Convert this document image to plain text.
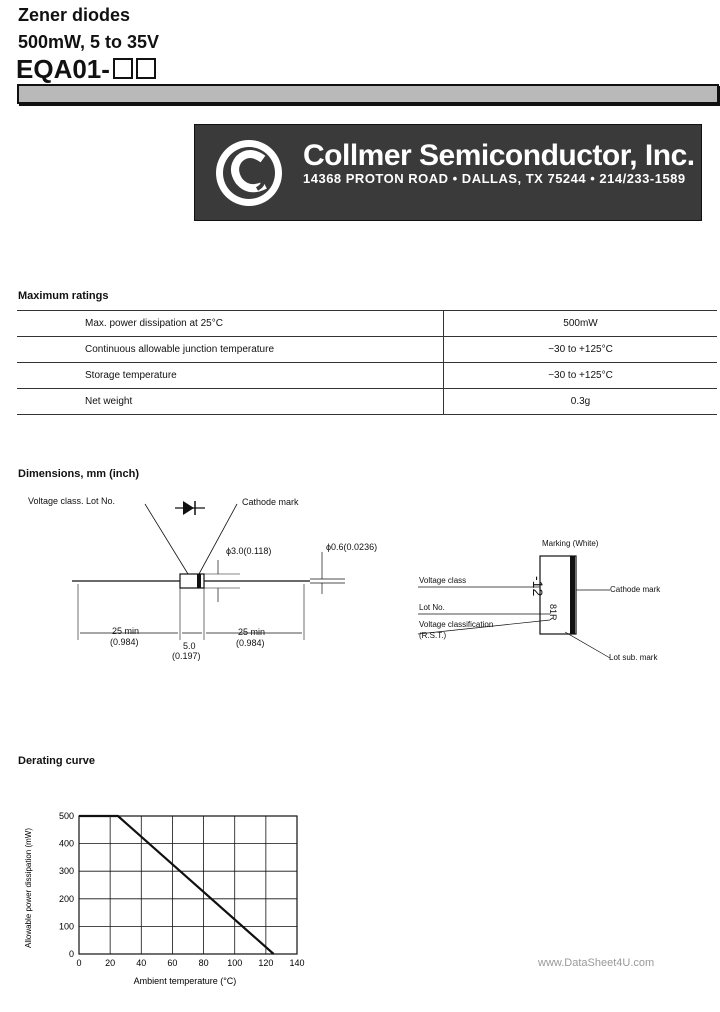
Zener diodes
500mW, 5 to 35V
EQA01-
Collmer Semiconductor, Inc.
14368 PROTON ROAD • DALLAS, TX 75244 • 214/233-1589
Maximum ratings
Max. power dissipation at 25°C	500mW
Continuous allowable junction temperature	−30 to +125°C
Storage temperature	−30 to +125°C
Net weight	0.3g
Dimensions, mm (inch)
Voltage class. Lot No.	Cathode mark
ϕ3.0(0.118)	ϕ0.6(0.0236)
25 min
(0.984)	5.0
(0.197)
25 min
(0.984)
Marking (White)
-12
81R
Voltage class
Lot No.
Voltage classification
(R.S.T.)
Cathode mark
Lot sub. mark
Derating curve
0	20 40 60 80 100 120 140
0
100
200
300
400
500
Ambient temperature (°C)
Allowable power dissipation (mW)
www.DataSheet4U.com
